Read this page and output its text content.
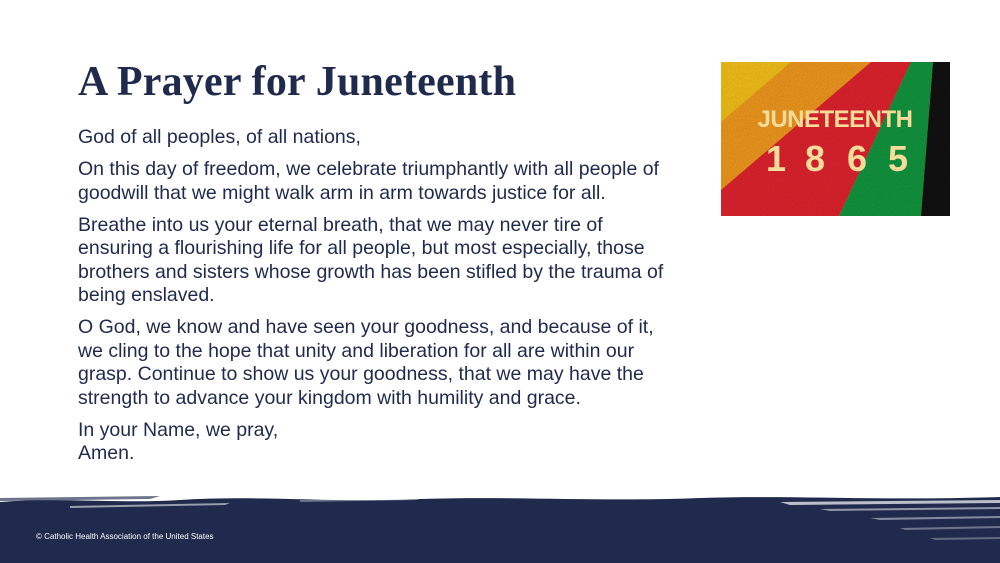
A Prayer for Juneteenth

God of all peoples, of all nations,

On this day of freedom, we celebrate triumphantly with all people of
goodwill that we might walk arm in arm towards justice for all.

Breathe into us your eternal breath, that we may never tire of
ensuring a flourishing life for all people, but most especially, those
brothers and sisters whose growth has been stifled by the trauma of
being enslaved.

O God, we know and have seen your goodness, and because of it,
we cling to the hope that unity and liberation for all are within our
grasp. Continue to show us your goodness, that we may have the
strength to advance your kingdom with humility and grace.

In your Name, we pray,
Amen.

JUNETEENTH
1 8 6 5
© Catholic Health Association of the United States
